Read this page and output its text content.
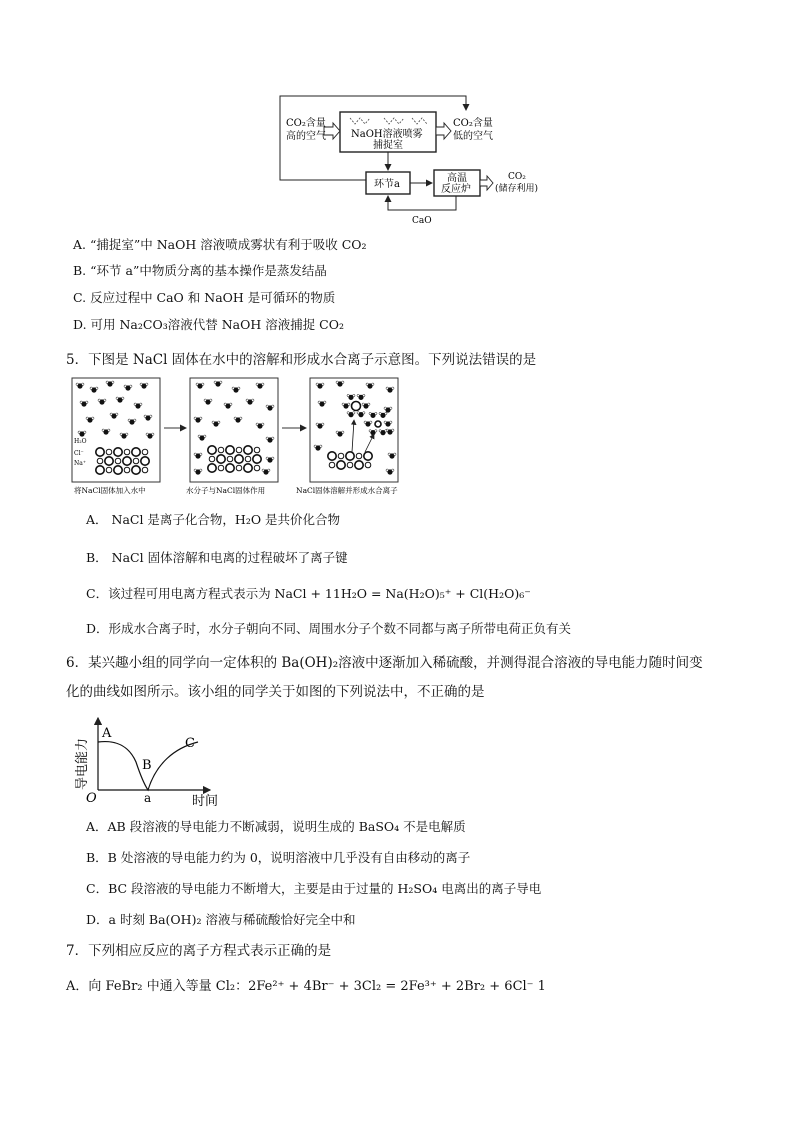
CO₂含量
高的空气	NaOH溶液喷雾
捕捉室
CO₂含量
低的空气
环节a
高温
反应炉
CO₂
(储存利用)
CaO
A. “捕捉室”中 NaOH 溶液喷成雾状有利于吸收 CO₂
B. “环节 a”中物质分离的基本操作是蒸发结晶
C. 反应过程中 CaO 和 NaOH 是可循环的物质
D. 可用 Na₂CO₃溶液代替 NaOH 溶液捕捉 CO₂
5．下图是 NaCl 固体在水中的溶解和形成水合离子示意图。下列说法错误的是
H₂O
Cl⁻
Na⁺
将NaCl固体加入水中	水分子与NaCl固体作用	NaCl固体溶解并形成水合离子
A． NaCl 是离子化合物，H₂O 是共价化合物
B． NaCl 固体溶解和电离的过程破坏了离子键
C．该过程可用电离方程式表示为 NaCl + 11H₂O = Na(H₂O)₅⁺ + Cl(H₂O)₆⁻
D．形成水合离子时，水分子朝向不同、周围水分子个数不同都与离子所带电荷正负有关
6．某兴趣小组的同学向一定体积的 Ba(OH)₂溶液中逐渐加入稀硫酸，并测得混合溶液的导电能力随时间变
化的曲线如图所示。该小组的同学关于如图的下列说法中，不正确的是
导电能力
A
B
C
a
O	时间
A．AB 段溶液的导电能力不断减弱，说明生成的 BaSO₄ 不是电解质
B．B 处溶液的导电能力约为 0，说明溶液中几乎没有自由移动的离子
C．BC 段溶液的导电能力不断增大，主要是由于过量的 H₂SO₄ 电离出的离子导电
D．a 时刻 Ba(OH)₂ 溶液与稀硫酸恰好完全中和
7．下列相应反应的离子方程式表示正确的是
A．向 FeBr₂ 中通入等量 Cl₂：2Fe²⁺ + 4Br⁻ + 3Cl₂ = 2Fe³⁺ + 2Br₂ + 6Cl⁻ 1
